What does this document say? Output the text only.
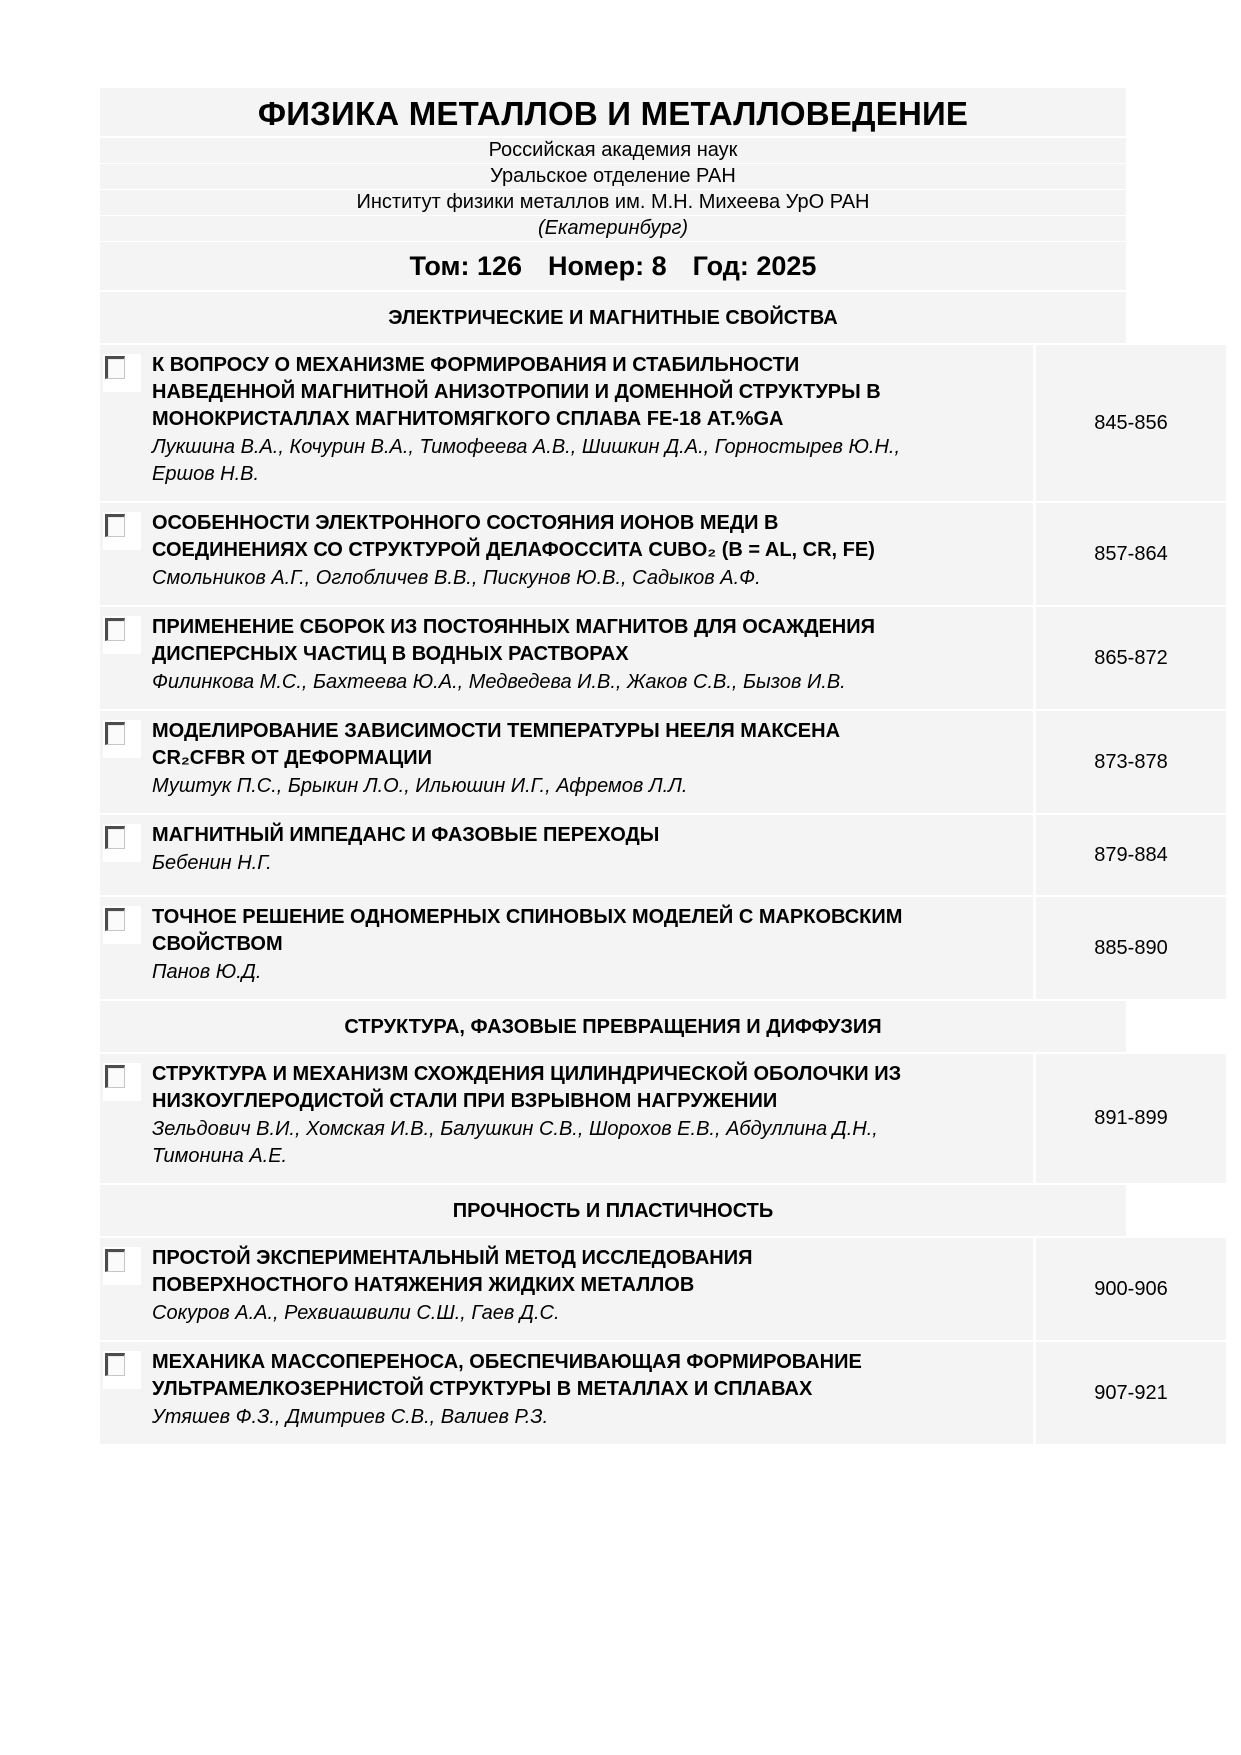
ФИЗИКА МЕТАЛЛОВ И МЕТАЛЛОВЕДЕНИЕ
Российская академия наук
Уральское отделение РАН
Институт физики металлов им. М.Н. Михеева УрО РАН
(Екатеринбург)
Том: 126 Номер: 8 Год: 2025
ЭЛЕКТРИЧЕСКИЕ И МАГНИТНЫЕ СВОЙСТВА
К ВОПРОСУ О МЕХАНИЗМЕ ФОРМИРОВАНИЯ И СТАБИЛЬНОСТИ НАВЕДЕННОЙ МАГНИТНОЙ АНИЗОТРОПИИ И ДОМЕННОЙ СТРУКТУРЫ В МОНОКРИСТАЛЛАХ МАГНИТОМЯГКОГО СПЛАВА FE-18 АТ.%GA
Лукшина В.А., Кочурин В.А., Тимофеева А.В., Шишкин Д.А., Горностырев Ю.Н., Ершов Н.В.
845-856
ОСОБЕННОСТИ ЭЛЕКТРОННОГО СОСТОЯНИЯ ИОНОВ МЕДИ В СОЕДИНЕНИЯХ СО СТРУКТУРОЙ ДЕЛАФОССИТА CUBO₂ (B = AL, CR, FE)
Смольников А.Г., Оглобличев В.В., Пискунов Ю.В., Садыков А.Ф.
857-864
ПРИМЕНЕНИЕ СБОРОК ИЗ ПОСТОЯННЫХ МАГНИТОВ ДЛЯ ОСАЖДЕНИЯ ДИСПЕРСНЫХ ЧАСТИЦ В ВОДНЫХ РАСТВОРАХ
Филинкова М.С., Бахтеева Ю.А., Медведева И.В., Жаков С.В., Бызов И.В.
865-872
МОДЕЛИРОВАНИЕ ЗАВИСИМОСТИ ТЕМПЕРАТУРЫ НЕЕЛЯ МАКСЕНА CR₂CFBR ОТ ДЕФОРМАЦИИ
Муштук П.С., Брыкин Л.О., Ильюшин И.Г., Афремов Л.Л.
873-878
МАГНИТНЫЙ ИМПЕДАНС И ФАЗОВЫЕ ПЕРЕХОДЫ
Бебенин Н.Г.	879-884
ТОЧНОЕ РЕШЕНИЕ ОДНОМЕРНЫХ СПИНОВЫХ МОДЕЛЕЙ С МАРКОВСКИМ СВОЙСТВОМ
Панов Ю.Д.
885-890
СТРУКТУРА, ФАЗОВЫЕ ПРЕВРАЩЕНИЯ И ДИФФУЗИЯ
СТРУКТУРА И МЕХАНИЗМ СХОЖДЕНИЯ ЦИЛИНДРИЧЕСКОЙ ОБОЛОЧКИ ИЗ НИЗКОУГЛЕРОДИСТОЙ СТАЛИ ПРИ ВЗРЫВНОМ НАГРУЖЕНИИ
Зельдович В.И., Хомская И.В., Балушкин С.В., Шорохов Е.В., Абдуллина Д.Н., Тимонина А.Е.
891-899
ПРОЧНОСТЬ И ПЛАСТИЧНОСТЬ
ПРОСТОЙ ЭКСПЕРИМЕНТАЛЬНЫЙ МЕТОД ИССЛЕДОВАНИЯ ПОВЕРХНОСТНОГО НАТЯЖЕНИЯ ЖИДКИХ МЕТАЛЛОВ
Сокуров А.А., Рехвиашвили С.Ш., Гаев Д.С.
900-906
МЕХАНИКА МАССОПЕРЕНОСА, ОБЕСПЕЧИВАЮЩАЯ ФОРМИРОВАНИЕ УЛЬТРАМЕЛКОЗЕРНИСТОЙ СТРУКТУРЫ В МЕТАЛЛАХ И СПЛАВАХ
Утяшев Ф.З., Дмитриев С.В., Валиев Р.З.
907-921
